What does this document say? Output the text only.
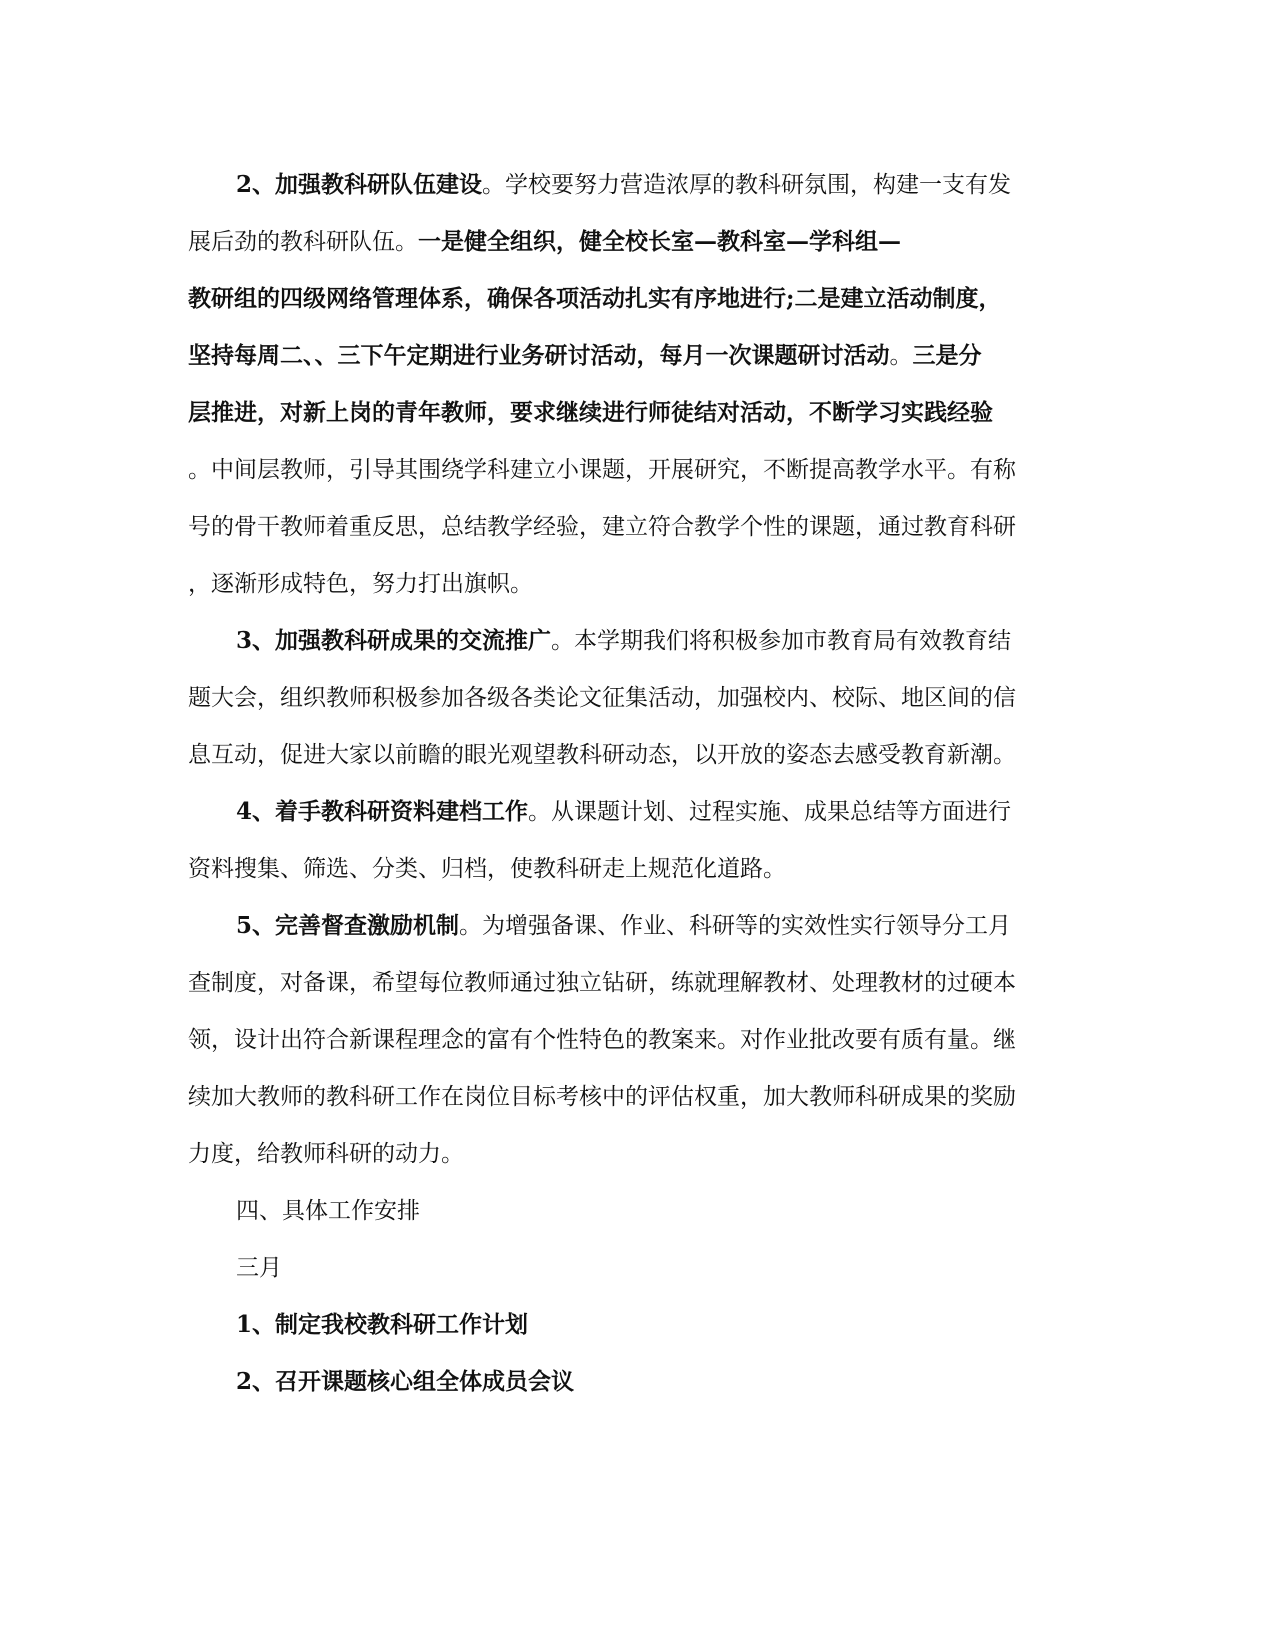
2、加强教科研队伍建设。学校要努力营造浓厚的教科研氛围，构建一支有发
展后劲的教科研队伍。一是健全组织，健全校长室—教科室—学科组—
教研组的四级网络管理体系，确保各项活动扎实有序地进行;二是建立活动制度，
坚持每周二、、三下午定期进行业务研讨活动，每月一次课题研讨活动。三是分
层推进，对新上岗的青年教师，要求继续进行师徒结对活动，不断学习实践经验
。中间层教师，引导其围绕学科建立小课题，开展研究，不断提高教学水平。有称
号的骨干教师着重反思，总结教学经验，建立符合教学个性的课题，通过教育科研
，逐渐形成特色，努力打出旗帜。
3、加强教科研成果的交流推广。本学期我们将积极参加市教育局有效教育结
题大会，组织教师积极参加各级各类论文征集活动，加强校内、校际、地区间的信
息互动，促进大家以前瞻的眼光观望教科研动态，以开放的姿态去感受教育新潮。
4、着手教科研资料建档工作。从课题计划、过程实施、成果总结等方面进行
资料搜集、筛选、分类、归档，使教科研走上规范化道路。
5、完善督查激励机制。为增强备课、作业、科研等的实效性实行领导分工月
查制度，对备课，希望每位教师通过独立钻研，练就理解教材、处理教材的过硬本
领，设计出符合新课程理念的富有个性特色的教案来。对作业批改要有质有量。继
续加大教师的教科研工作在岗位目标考核中的评估权重，加大教师科研成果的奖励
力度，给教师科研的动力。
四、具体工作安排
三月
1、制定我校教科研工作计划
2、召开课题核心组全体成员会议
